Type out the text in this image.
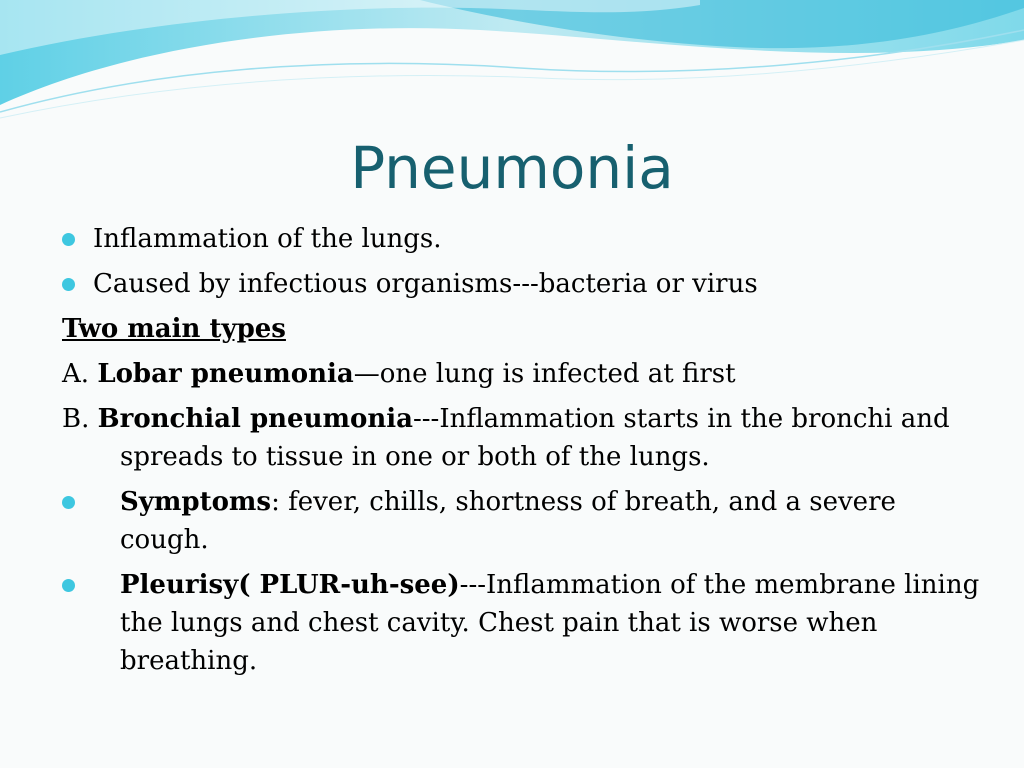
Pneumonia
Inflammation of the lungs.
Caused by infectious organisms---bacteria or virus
Two main types
A. Lobar pneumonia—one lung is infected at first
B. Bronchial pneumonia---Inflammation starts in the bronchi and spreads to tissue in one or both of the lungs.
Symptoms: fever, chills, shortness of breath, and a severe cough.
Pleurisy( PLUR-uh-see)---Inflammation of the membrane lining the lungs and chest cavity. Chest pain that is worse when breathing.
